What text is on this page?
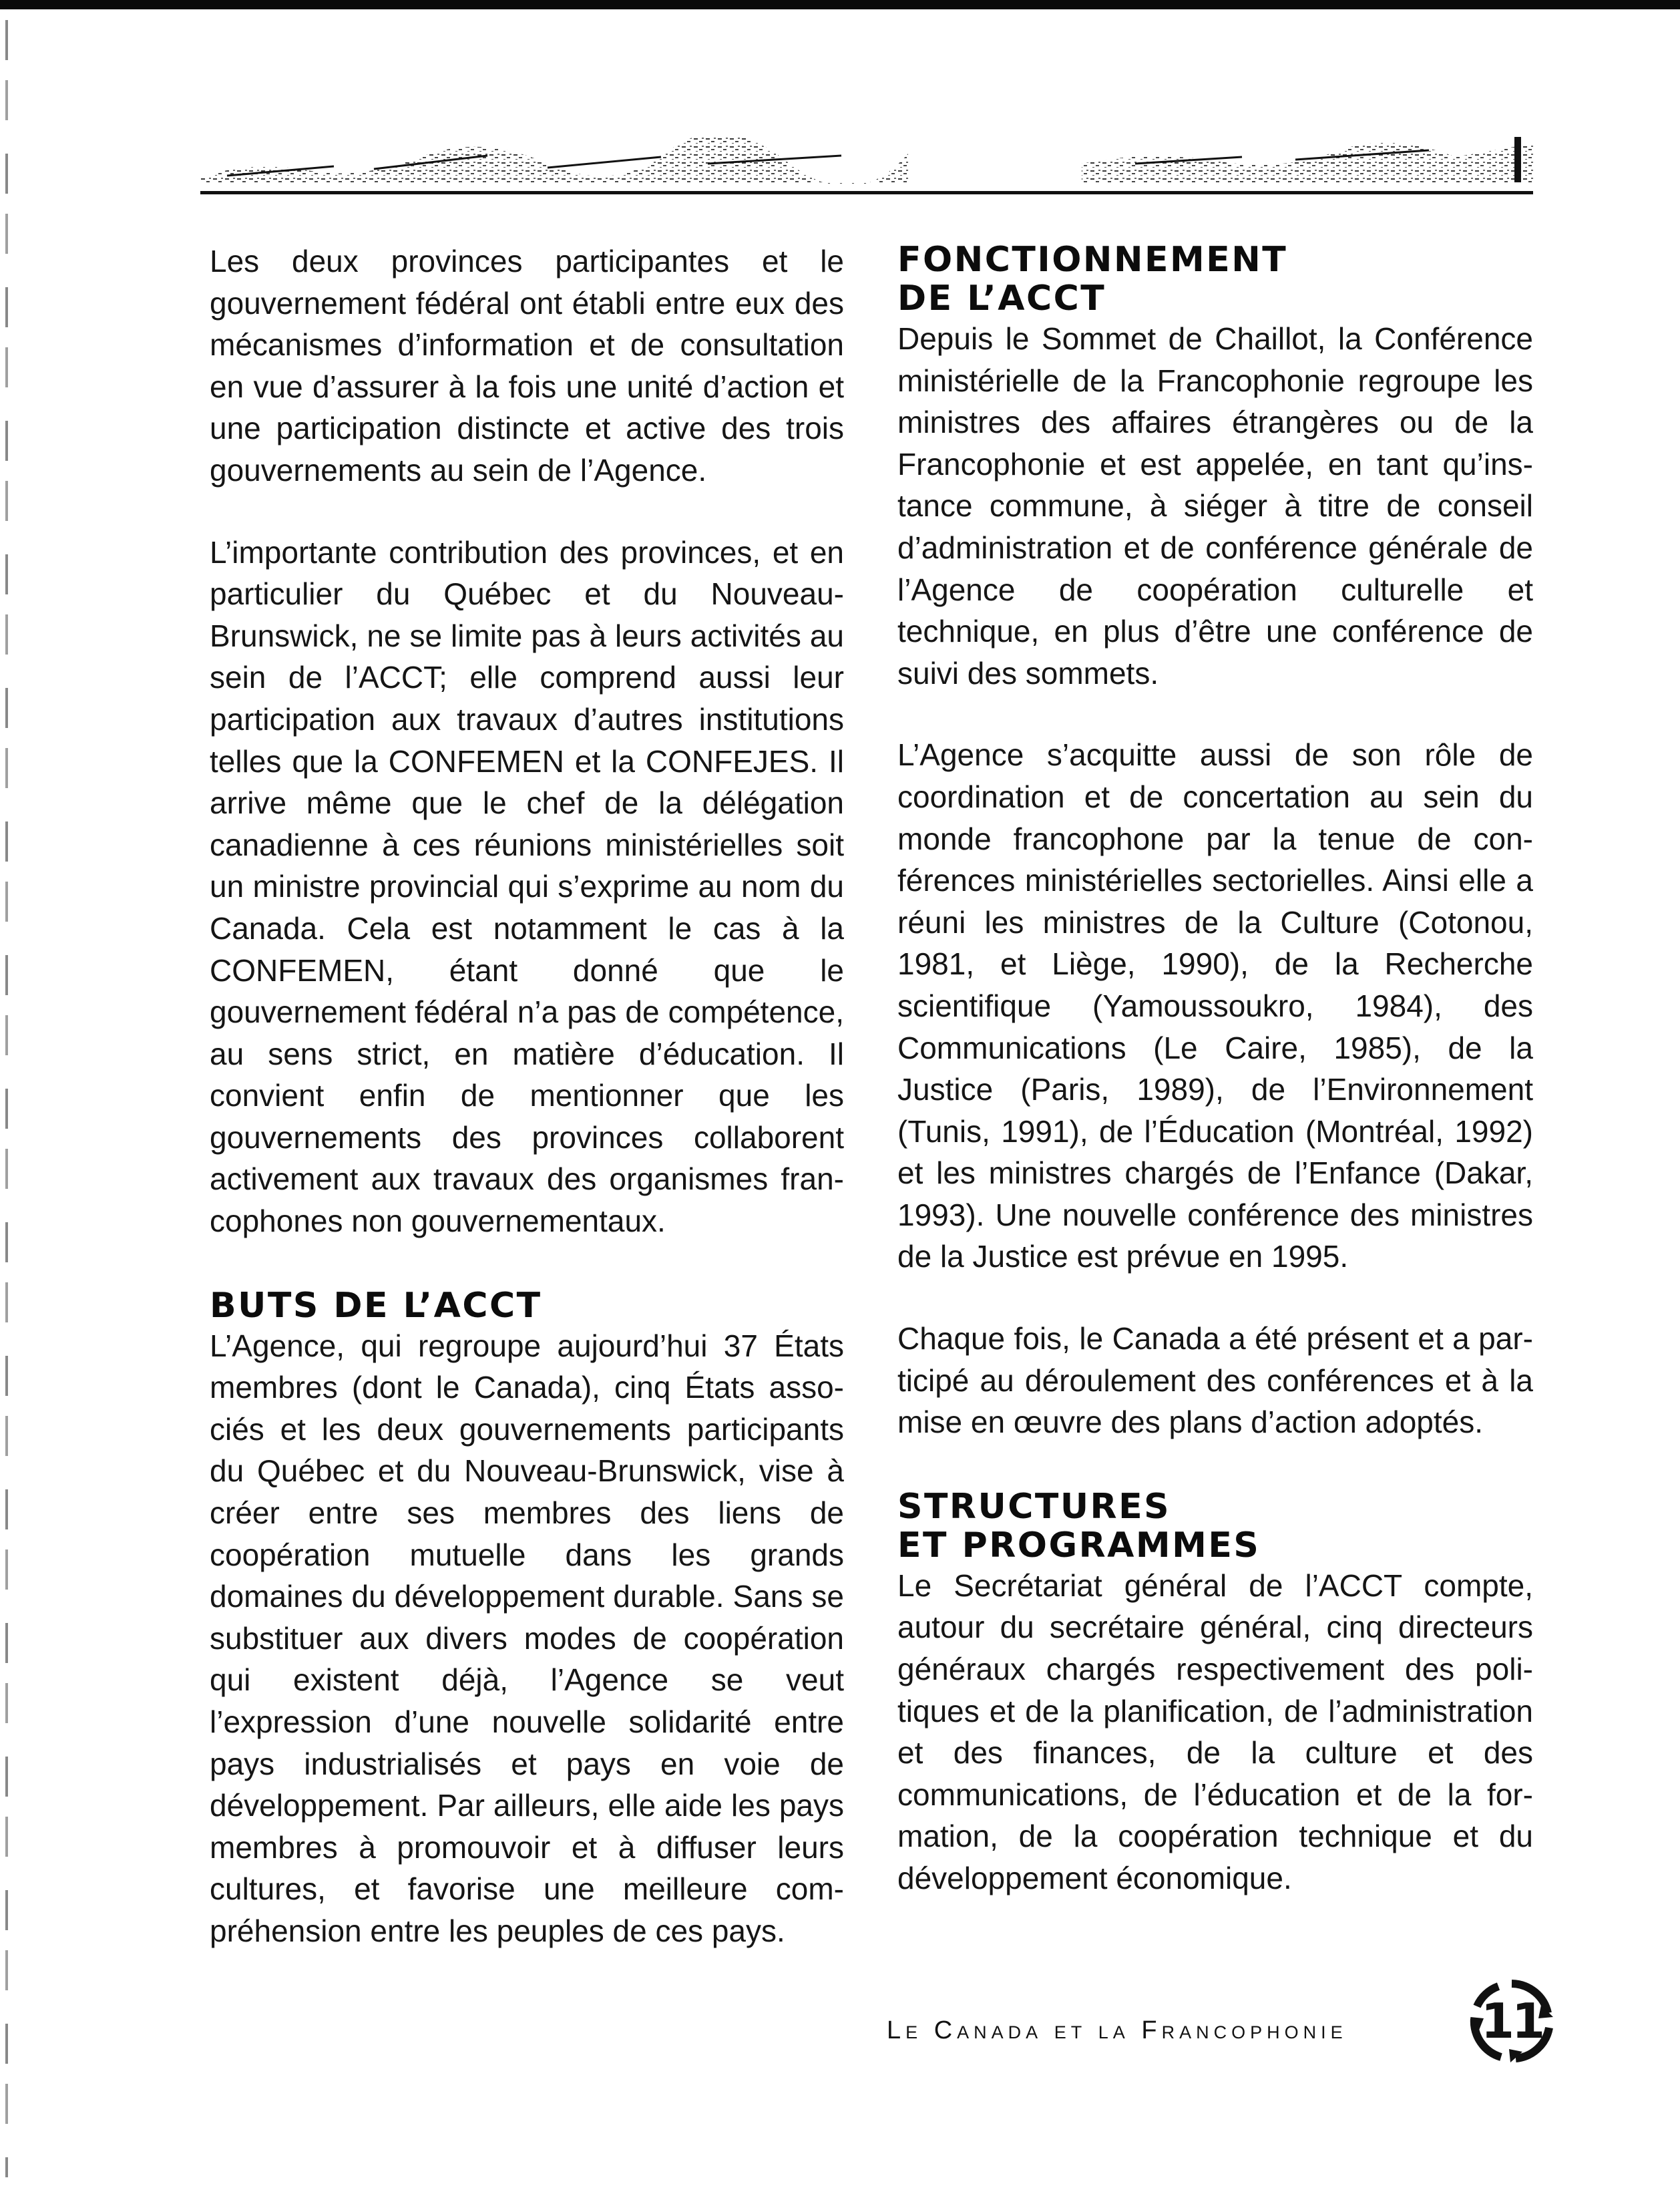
Les deux provinces participantes et le gouvernement fédéral ont établi entre eux des mécanismes d’information et de consultation en vue d’assurer à la fois une unité d’action et une participation distincte et active des trois gouvernements au sein de l’Agence.

L’importante contribution des provinces, et en particulier du Québec et du Nouveau-Brunswick, ne se limite pas à leurs activités au sein de l’ACCT; elle comprend aussi leur participation aux travaux d’autres institutions telles que la CONFEMEN et la CONFEJES. Il arrive même que le chef de la délégation canadienne à ces réunions ministérielles soit un ministre provincial qui s’exprime au nom du Canada. Cela est notamment le cas à la CONFEMEN, étant donné que le gouvernement fédéral n’a pas de compétence, au sens strict, en matière d’éducation. Il convient enfin de mentionner que les gouvernements des provinces collaborent activement aux travaux des organismes francophones non gouvernementaux.

BUTS DE L’ACCT

L’Agence, qui regroupe aujourd’hui 37 États membres (dont le Canada), cinq États associés et les deux gouvernements participants du Québec et du Nouveau-Brunswick, vise à créer entre ses membres des liens de coopération mutuelle dans les grands domaines du développement durable. Sans se substituer aux divers modes de coopération qui existent déjà, l’Agence se veut l’expression d’une nouvelle solidarité entre pays industrialisés et pays en voie de développement. Par ailleurs, elle aide les pays membres à promouvoir et à diffuser leurs cultures, et favorise une meilleure compréhension entre les peuples de ces pays.

FONCTIONNEMENT
DE L’ACCT

Depuis le Sommet de Chaillot, la Conférence ministérielle de la Francophonie regroupe les ministres des affaires étrangères ou de la Francophonie et est appelée, en tant qu’instance commune, à siéger à titre de conseil d’administration et de conférence générale de l’Agence de coopération culturelle et technique, en plus d’être une conférence de suivi des sommets.

L’Agence s’acquitte aussi de son rôle de coordination et de concertation au sein du monde francophone par la tenue de conférences ministérielles sectorielles. Ainsi elle a réuni les ministres de la Culture (Cotonou, 1981, et Liège, 1990), de la Recherche scientifique (Yamoussoukro, 1984), des Communications (Le Caire, 1985), de la Justice (Paris, 1989), de l’Environnement (Tunis, 1991), de l’Éducation (Montréal, 1992) et les ministres chargés de l’Enfance (Dakar, 1993). Une nouvelle conférence des ministres de la Justice est prévue en 1995.

Chaque fois, le Canada a été présent et a participé au déroulement des conférences et à la mise en œuvre des plans d’action adoptés.

STRUCTURES
ET PROGRAMMES

Le Secrétariat général de l’ACCT compte, autour du secrétaire général, cinq directeurs généraux chargés respectivement des politiques et de la planification, de l’administration et des finances, de la culture et des communications, de l’éducation et de la formation, de la coopération technique et du développement économique.

Le Canada et la Francophonie	11
